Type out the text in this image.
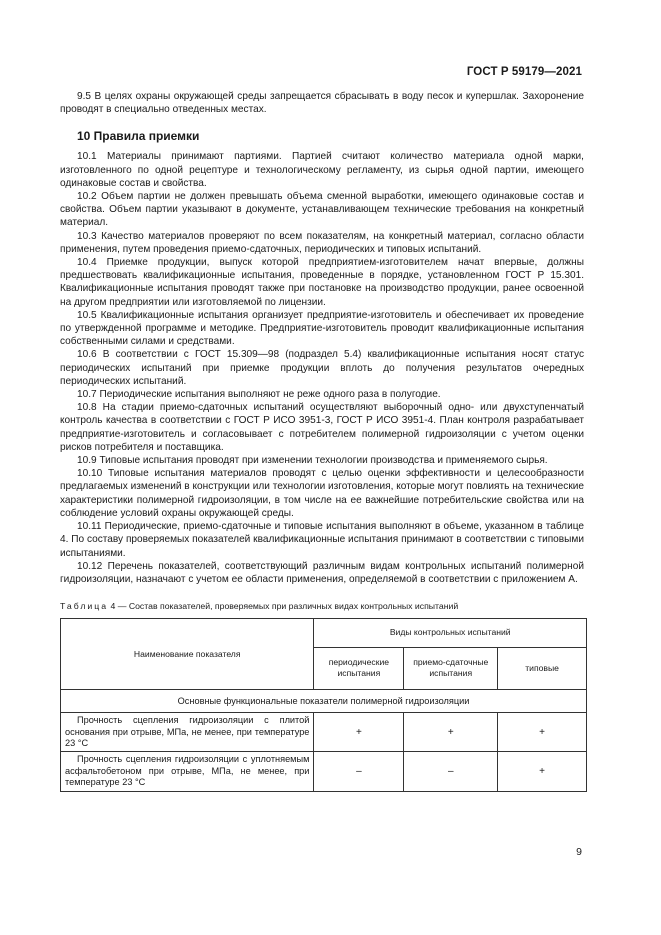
ГОСТ Р 59179—2021

9.5 В целях охраны окружающей среды запрещается сбрасывать в воду песок и купершлак. Захоронение проводят в специально отведенных местах.

10 Правила приемки

10.1 Материалы принимают партиями. Партией считают количество материала одной марки, изготовленного по одной рецептуре и технологическому регламенту, из сырья одной партии, имеющего одинаковые состав и свойства.

10.2 Объем партии не должен превышать объема сменной выработки, имеющего одинаковые состав и свойства. Объем партии указывают в документе, устанавливающем технические требования на конкретный материал.

10.3 Качество материалов проверяют по всем показателям, на конкретный материал, согласно области применения, путем проведения приемо-сдаточных, периодических и типовых испытаний.

10.4 Приемке продукции, выпуск которой предприятием-изготовителем начат впервые, должны предшествовать квалификационные испытания, проведенные в порядке, установленном ГОСТ Р 15.301. Квалификационные испытания проводят также при постановке на производство продукции, ранее освоенной на другом предприятии или изготовляемой по лицензии.

10.5 Квалификационные испытания организует предприятие-изготовитель и обеспечивает их проведение по утвержденной программе и методике. Предприятие-изготовитель проводит квалификационные испытания собственными силами и средствами.

10.6 В соответствии с ГОСТ 15.309—98 (подраздел 5.4) квалификационные испытания носят статус периодических испытаний при приемке продукции вплоть до получения результатов очередных периодических испытаний.

10.7 Периодические испытания выполняют не реже одного раза в полугодие.

10.8 На стадии приемо-сдаточных испытаний осуществляют выборочный одно- или двухступенчатый контроль качества в соответствии с ГОСТ Р ИСО 3951-3, ГОСТ Р ИСО 3951-4. План контроля разрабатывает предприятие-изготовитель и согласовывает с потребителем полимерной гидроизоляции с учетом оценки рисков потребителя и поставщика.

10.9 Типовые испытания проводят при изменении технологии производства и применяемого сырья.

10.10 Типовые испытания материалов проводят с целью оценки эффективности и целесообразности предлагаемых изменений в конструкции или технологии изготовления, которые могут повлиять на технические характеристики полимерной гидроизоляции, в том числе на ее важнейшие потребительские свойства или на соблюдение условий охраны окружающей среды.

10.11 Периодические, приемо-сдаточные и типовые испытания выполняют в объеме, указанном в таблице 4. По составу проверяемых показателей квалификационные испытания принимают в соответствии с типовыми испытаниями.

10.12 Перечень показателей, соответствующий различным видам контрольных испытаний полимерной гидроизоляции, назначают с учетом ее области применения, определяемой в соответствии с приложением А.

Таблица 4 — Состав показателей, проверяемых при различных видах контрольных испытаний
Наименование показателя	Виды контрольных испытаний		
	периодические испытания	приемо-сдаточные испытания	типовые
Основные функциональные показатели полимерной гидроизоляции			
Прочность сцепления гидроизоляции с плитой основания при отрыве, МПа, не менее, при температуре 23 °С	+	+	+
Прочность сцепления гидроизоляции с уплотняемым асфальтобетоном при отрыве, МПа, не менее, при температуре 23 °С	–	–	+
9
